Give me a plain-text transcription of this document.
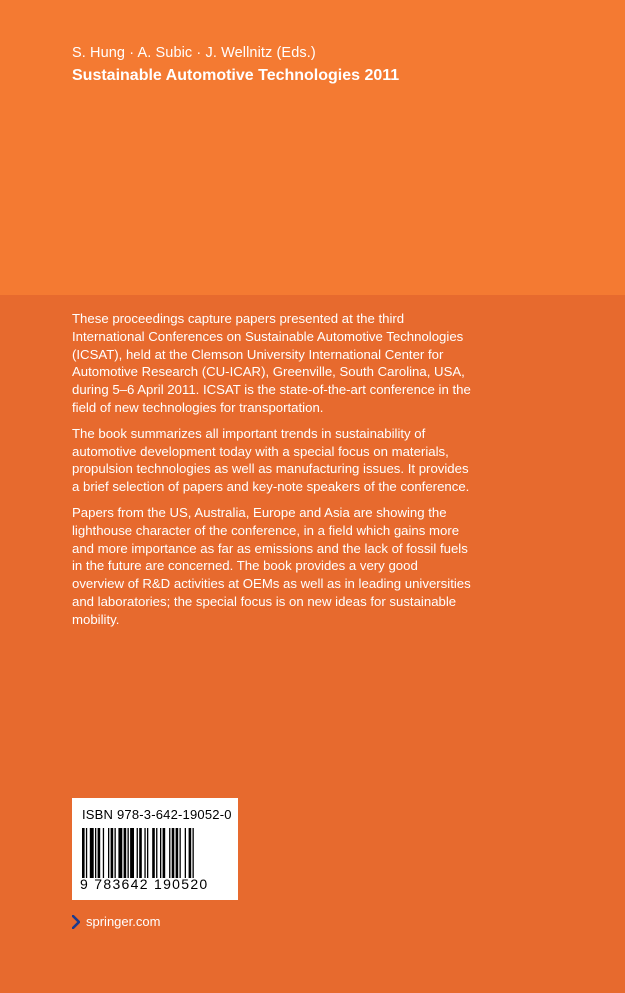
S. Hung · A. Subic · J. Wellnitz (Eds.)
Sustainable Automotive Technologies 2011

These proceedings capture papers presented at the third International Conferences on Sustainable Automotive Technologies (ICSAT), held at the Clemson University International Center for Automotive Research (CU-ICAR), Greenville, South Carolina, USA, during 5–6 April 2011. ICSAT is the state-of-the-art conference in the field of new technologies for transportation.

The book summarizes all important trends in sustainability of automotive development today with a special focus on materials, propulsion technologies as well as manufacturing issues. It provides a brief selection of papers and key-note speakers of the conference.

Papers from the US, Australia, Europe and Asia are showing the lighthouse character of the conference, in a field which gains more and more importance as far as emissions and the lack of fossil fuels in the future are concerned. The book provides a very good overview of R&D activities at OEMs as well as in leading universities and laboratories; the special focus is on new ideas for sustainable mobility.

ISBN 978-3-642-19052-0
9 783642 190520
springer.com
